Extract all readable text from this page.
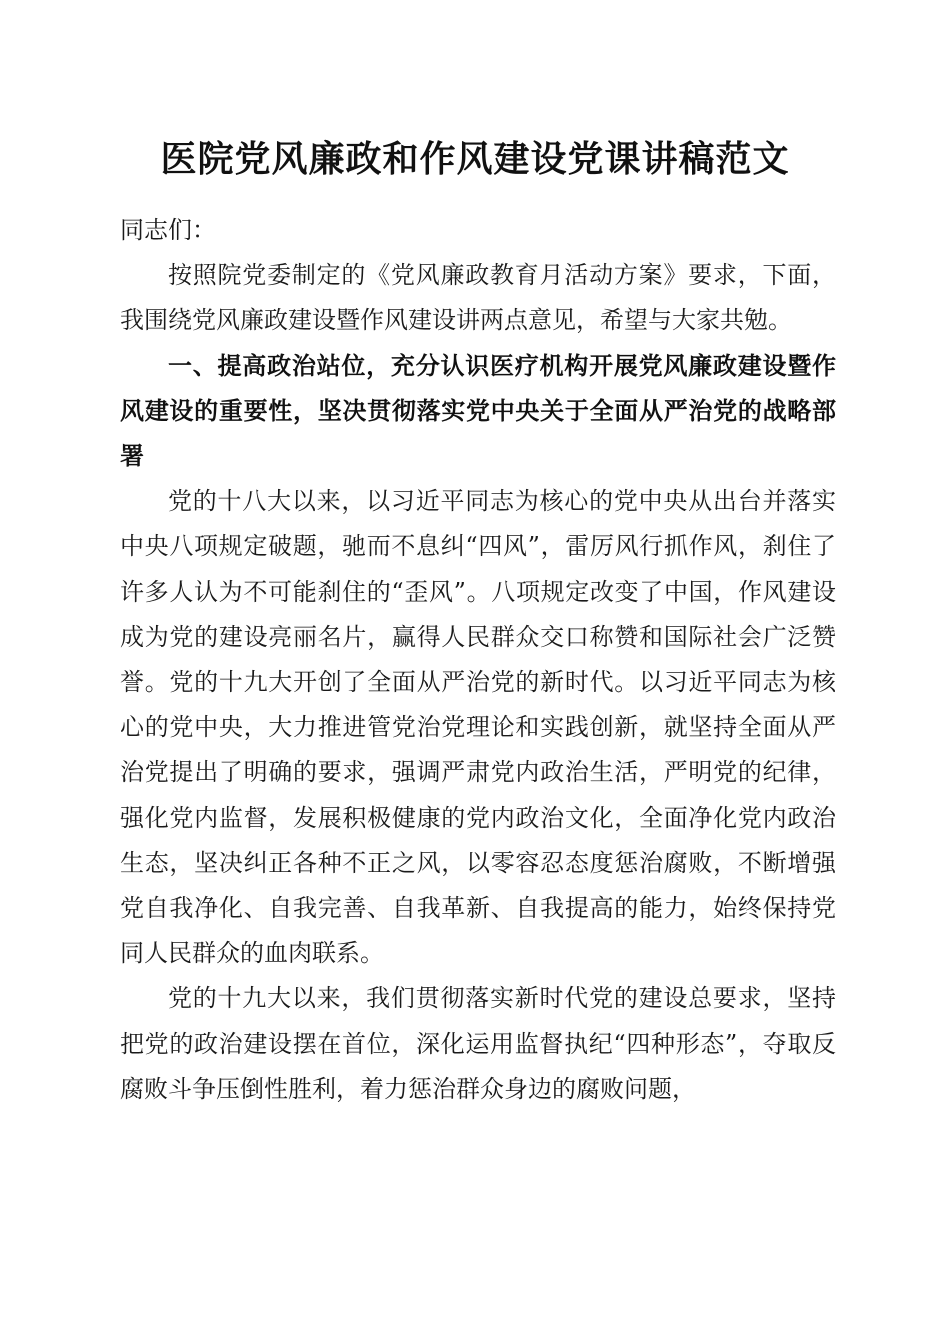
医院党风廉政和作风建设党课讲稿范文

同志们：

按照院党委制定的《党风廉政教育月活动方案》要求，下面，我围绕党风廉政建设暨作风建设讲两点意见，希望与大家共勉。

一、提高政治站位，充分认识医疗机构开展党风廉政建设暨作风建设的重要性，坚决贯彻落实党中央关于全面从严治党的战略部署

党的十八大以来，以习近平同志为核心的党中央从出台并落实中央八项规定破题，驰而不息纠“四风”，雷厉风行抓作风，刹住了许多人认为不可能刹住的“歪风”。八项规定改变了中国，作风建设成为党的建设亮丽名片，赢得人民群众交口称赞和国际社会广泛赞誉。党的十九大开创了全面从严治党的新时代。以习近平同志为核心的党中央，大力推进管党治党理论和实践创新，就坚持全面从严治党提出了明确的要求，强调严肃党内政治生活，严明党的纪律，强化党内监督，发展积极健康的党内政治文化，全面净化党内政治生态，坚决纠正各种不正之风，以零容忍态度惩治腐败，不断增强党自我净化、自我完善、自我革新、自我提高的能力，始终保持党同人民群众的血肉联系。

党的十九大以来，我们贯彻落实新时代党的建设总要求，坚持把党的政治建设摆在首位，深化运用监督执纪“四种形态”，夺取反腐败斗争压倒性胜利，着力惩治群众身边的腐败问题，
